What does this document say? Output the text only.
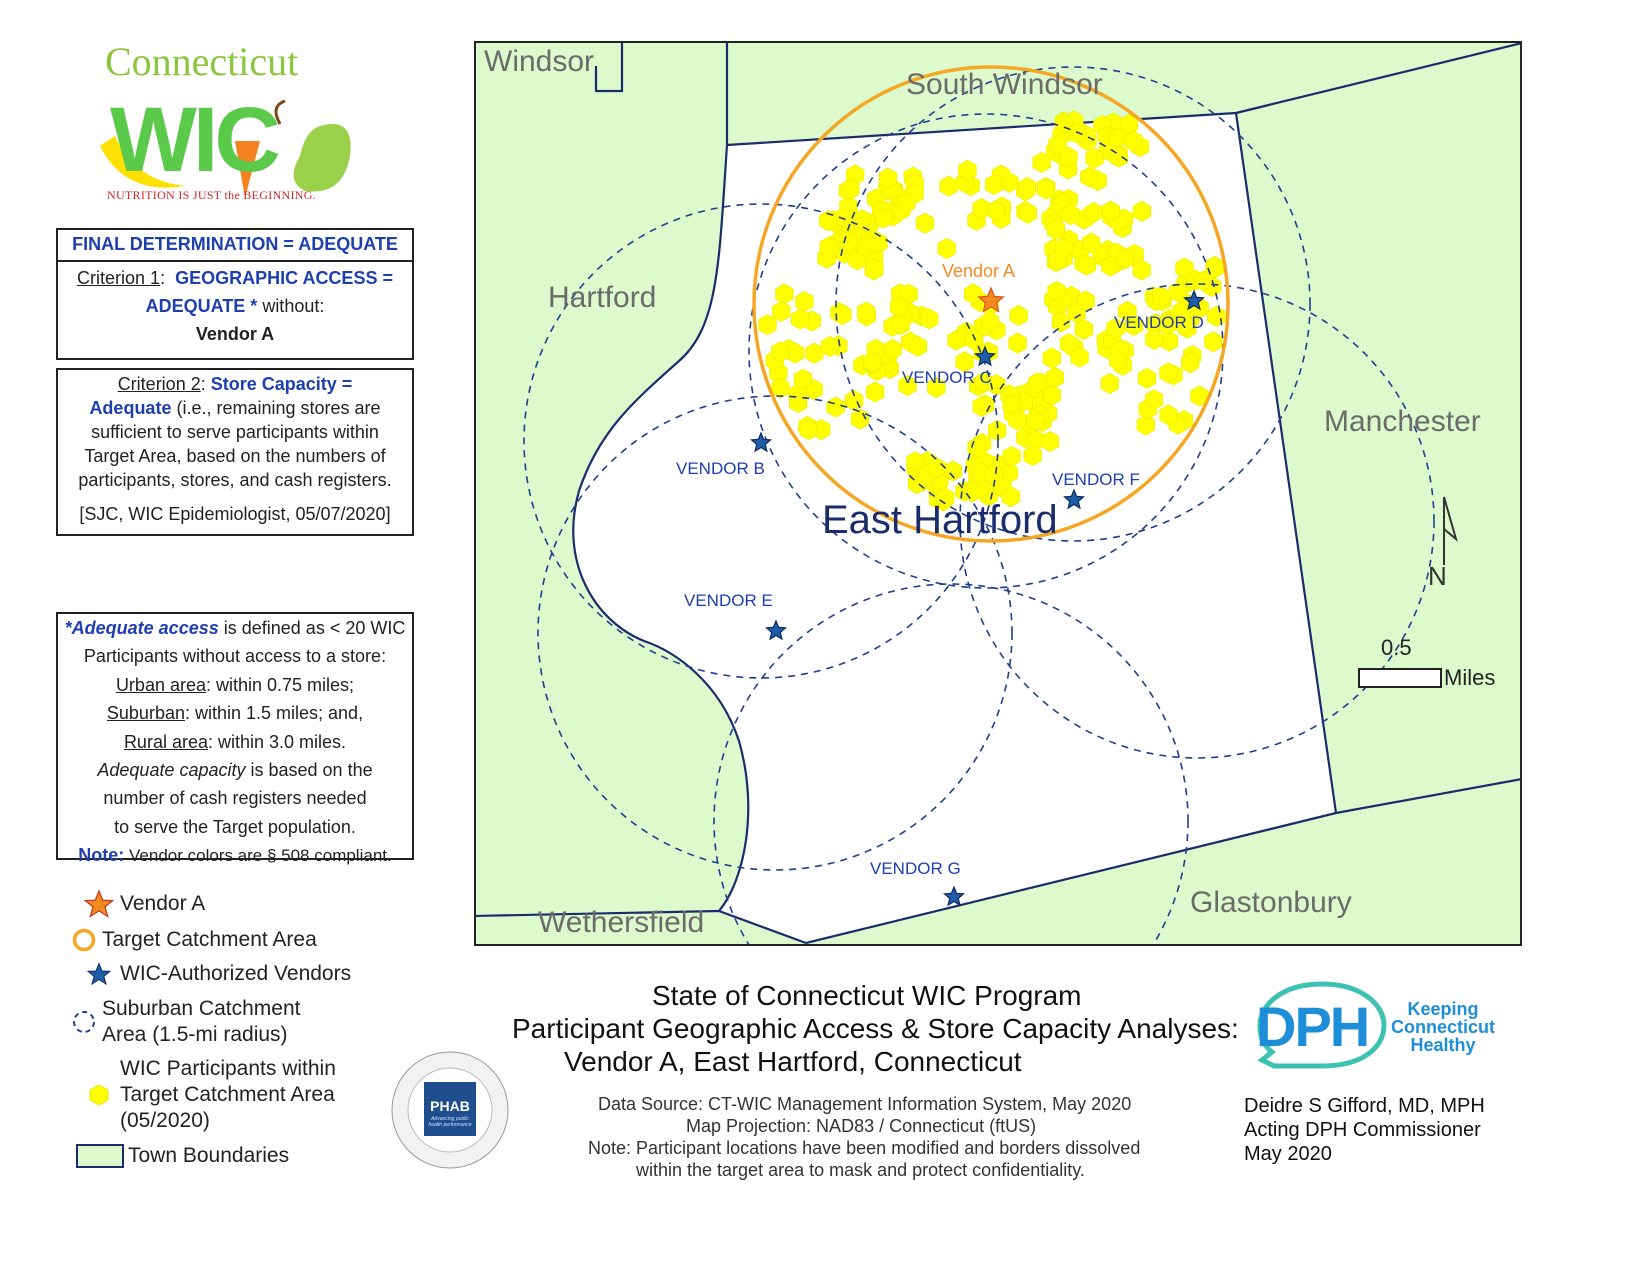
Connecticut
WIC
NUTRITION IS JUST the BEGINNING.
FINAL DETERMINATION = ADEQUATE
Criterion 1: GEOGRAPHIC ACCESS =
ADEQUATE * without:
Vendor A
Criterion 2: Store Capacity =
Adequate (i.e., remaining stores are
sufficient to serve participants within
Target Area, based on the numbers of
participants, stores, and cash registers.
[SJC, WIC Epidemiologist, 05/07/2020]
*Adequate access is defined as < 20 WIC
Participants without access to a store:
Urban area: within 0.75 miles;
Suburban: within 1.5 miles; and,
Rural area: within 3.0 miles.
Adequate capacity is based on the
number of cash registers needed
to serve the Target population.
Note: Vendor colors are § 508 compliant.
Vendor A
Target Catchment Area
WIC-Authorized Vendors
Suburban Catchment
Area (1.5-mi radius)
WIC Participants within
Target Catchment Area
(05/2020)
Town Boundaries
Windsor
South Windsor
Hartford
Manchester
East Hartford
Wethersfield
Glastonbury
Vendor A
VENDOR B
VENDOR C
VENDOR D
VENDOR E
VENDOR F
VENDOR G
N
0.5
Miles
State of Connecticut WIC Program
Participant Geographic Access & Store Capacity Analyses:
Vendor A, East Hartford, Connecticut
Data Source: CT-WIC Management Information System, May 2020
Map Projection: NAD83 / Connecticut (ftUS)
Note: Participant locations have been modified and borders dissolved
within the target area to mask and protect confidentiality.
PHAB
Advancing public health performance
DPH	Keeping
Connecticut
Healthy
Deidre S Gifford, MD, MPH
Acting DPH Commissioner
May 2020
